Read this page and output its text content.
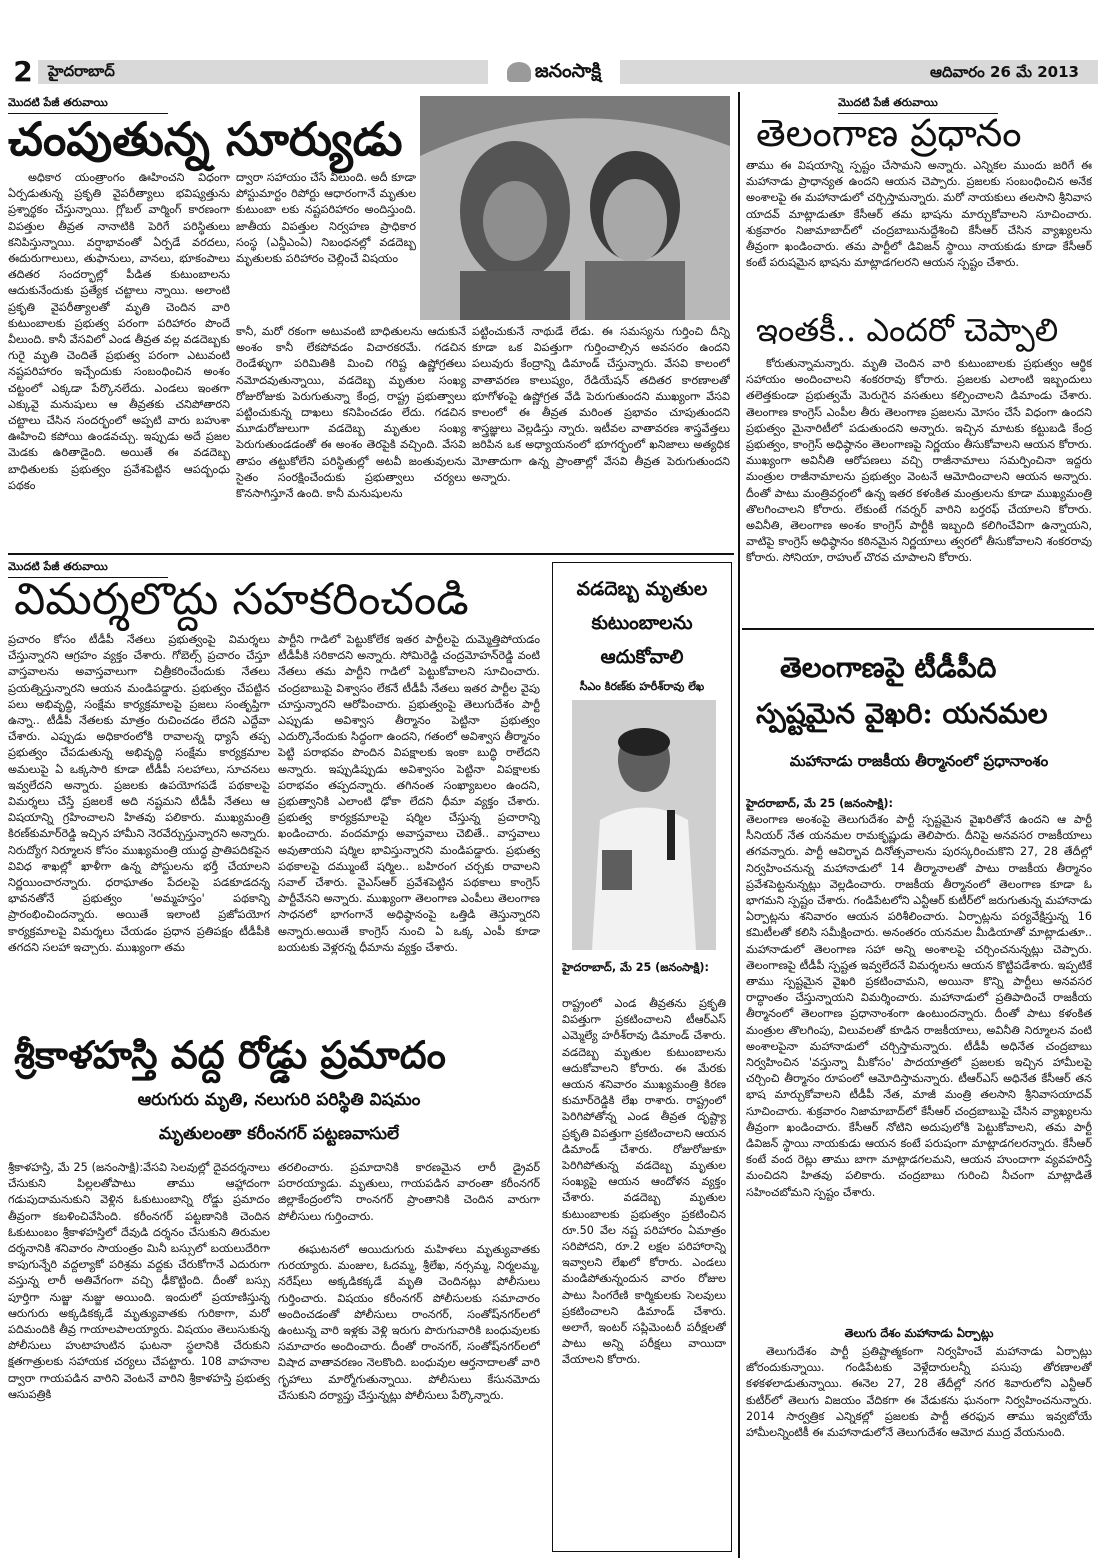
2	హైదరాబాద్	జనంసాక్షి	ఆదివారం 26 మే 2013
మొదటి పేజీ తరువాయి
చంపుతున్న సూర్యుడు
అధికార యంత్రాంగం ఊహించని విధంగా ఏర్పడుతున్న ప్రకృతి వైపరీత్యాలు భవిష్యత్తును ప్రశ్నార్థకం చేస్తున్నాయి. గ్లోబల్ వార్మింగ్ కారణంగా విపత్తుల తీవ్రత నానాటికి పెరిగే పరిస్థితులు కనిపిస్తున్నాయి. వర్షాభావంతో ఏర్పడే వరదలు, ఈదురుగాలులు, తుఫానులు, వానలు, భూకంపాలు తదితర సందర్భాల్లో పీడిత కుటుంబాలను ఆదుకునేందుకు ప్రత్యేక చట్టాలు న్నాయి. అలాంటి ప్రకృతి వైపరీత్యాలతో మృతి చెందిన వారి కుటుంబాలకు ప్రభుత్వ పరంగా పరిహారం పొందే వీలుంది. కానీ వేసవిలో ఎండ తీవ్రత వల్ల వడదెబ్బకు గురై మృతి చెందితే ప్రభుత్వ పరంగా ఎటువంటి నష్టపరిహారం ఇచ్చేందుకు సంబంధించిన అంశం చట్టంలో ఎక్కడా పేర్కొనలేదు. ఎండలు ఇంతగా ఎక్కువై మనుషులు ఆ తీవ్రతకు చనిపోతారని చట్టాలు చేసిన సందర్భంలో అప్పటి వారు బహుశా ఊహించి కపోయి ఉండవచ్చు. ఇప్పుడు అదే ప్రజల మెడకు ఉరితాడైంది. అయితే ఈ వడదెబ్బ బాధితులకు ప్రభుత్వం ప్రవేశపెట్టిన ఆపద్బంధు పథకం
ద్వారా సహాయం చేసే వీలుంది. అదీ కూడా పోస్టుమార్టం రిపోర్టు ఆధారంగానే మృతుల కుటుంబా లకు నష్టపరిహారం అందిస్తుంది. జాతీయ విపత్తుల నిర్వహణ ప్రాధికార సంస్థ (ఎన్డీఎంఏ) నిబంధనల్లో వడదెబ్బ మృతులకు పరిహారం చెల్లించే విషయం
కానీ, మరో రకంగా అటువంటి బాధితులను ఆదుకునే అంశం కానీ లేకపోవడం విచారకరమే. గడచిన రెండేళ్ళుగా పరిమితికి మించి గరిష్ట ఉష్ణోగ్రతలు నమోదవుతున్నాయి, వడదెబ్బ మృతుల సంఖ్య రోజురోజుకు పెరుగుతున్నా కేంద్ర, రాష్ట్ర ప్రభుత్వాలు పట్టించుకున్న దాఖలు కనిపించడం లేదు. గడచిన మూడురోజులుగా వడదెబ్బ మృతుల సంఖ్య పెరుగుతుండడంతో ఈ అంశం తెరపైకి వచ్చింది. వేసవి తాపం తట్టుకోలేని పరిస్థితుల్లో అటవీ జంతువులను సైతం సంరక్షించేందుకు ప్రభుత్వాలు చర్యలు కొనసాగిస్తూనే ఉంది. కానీ మనుషులను
పట్టించుకునే నాథుడే లేడు. ఈ సమస్యను గుర్తించి దీన్ని కూడా ఒక విపత్తుగా గుర్తించాల్సిన అవసరం ఉందని పలువురు కేంద్రాన్ని డిమాండ్ చేస్తున్నారు. వేసవి కాలంలో వాతావరణ కాలుష్యం, రేడియేషన్ తదితర కారణాలతో భూగోళంపై ఉష్ణోగ్రత వేడి పెరుగుతుందని ముఖ్యంగా వేసవి కాలంలో ఈ తీవ్రత మరింత ప్రభావం చూపుతుందని శాస్త్రజ్ఞులు వెల్లడిస్తు న్నారు. ఇటీవల వాతావరణ శాస్త్రవేత్తలు జరిపిన ఒక అధ్యాయనంలో భూగర్భంలో ఖనిజాలు అత్యధిక మోతాదుగా ఉన్న ప్రాంతాల్లో వేసవి తీవ్రత పెరుగుతుందని అన్నారు.
మొదటి పేజీ తరువాయి
తెలంగాణ ప్రధానం
తాము ఈ విషయాన్ని స్పష్టం చేసామని అన్నారు. ఎన్నికల ముందు జరిగే ఈ మహానాడు ప్రాధాన్యత ఉందని ఆయన చెప్పారు. ప్రజలకు సంబంధించిన అనేక అంశాలపై ఈ మహానాడులో చర్చిస్తామన్నారు. మరో నాయకులు తలసాని శ్రీనివాస యాదవ్ మాట్లాడుతూ కేసీఆర్ తమ భాషను మార్చుకోవాలని సూచించారు. శుక్రవారం నిజామాబాద్‌లో చంద్రబాబునుద్దేశించి కేసీఆర్ చేసిన వ్యాఖ్యలను తీవ్రంగా ఖండించారు. తమ పార్టీలో డివిజన్ స్థాయి నాయకుడు కూడా కేసీఆర్ కంటే పరుషమైన భాషను మాట్లాడగలరని ఆయన స్పష్టం చేశారు.
ఇంతకీ.. ఎందరో చెప్పాలి
కోరుతున్నామన్నారు. మృతి చెందిన వారి కుటుంబాలకు ప్రభుత్వం ఆర్థిక సహాయం అందించాలని శంకరరావు కోరారు. ప్రజలకు ఎలాంటి ఇబ్బందులు తలెత్తకుండా ప్రభుత్వమే మెరుగైన వసతులు కల్పించాలని డిమాండు చేశారు. తెలంగాణ కాంగ్రెస్ ఎంపీల తీరు తెలంగాణ ప్రజలను మోసం చేసే విధంగా ఉందని ప్రభుత్వం మైనారిటీలో పడుతుందని అన్నారు. ఇచ్చిన మాటకు కట్టుబడి కేంద్ర ప్రభుత్వం, కాంగ్రెస్ అధిష్ఠానం తెలంగాణపై నిర్ణయం తీసుకోవాలని ఆయన కోరారు. ముఖ్యంగా అవినీతి ఆరోపణలు వచ్చి రాజీనామాలు సమర్పించినా ఇద్దరు మంత్రుల రాజీనామాలను ప్రభుత్వం వెంటనే ఆమోదించాలని ఆయన అన్నారు. దీంతో పాటు మంత్రివర్గంలో ఉన్న ఇతర కళంకిత మంత్రులను కూడా ముఖ్యమంత్రి తొలగించాలని కోరారు. లేకుంటే గవర్నర్ వారిని బర్తరఫ్ చేయాలని కోరారు. అవినీతి, తెలంగాణ అంశం కాంగ్రెస్ పార్టీకి ఇబ్బంది కలిగించేవిగా ఉన్నాయని, వాటిపై కాంగ్రెస్ అధిష్ఠానం కఠినమైన నిర్ణయాలు త్వరలో తీసుకోవాలని శంకరరావు కోరారు. సోనియా, రాహుల్ చొరవ చూపాలని కోరారు.
మొదటి పేజీ తరువాయి
విమర్శలొద్దు సహకరించండి
ప్రచారం కోసం టీడీపీ నేతలు ప్రభుత్వంపై విమర్శలు చేస్తున్నారని ఆగ్రహం వ్యక్తం చేశారు. గోబెల్స్ ప్రచారం చేస్తూ వాస్తవాలను అవాస్తవాలుగా చిత్రీకరించేందుకు నేతలు ప్రయత్నిస్తున్నారని ఆయన మండిపడ్డారు. ప్రభుత్వం చేపట్టిన పలు అభివృద్ధి, సంక్షేమ కార్యక్రమాలపై ప్రజలు సంతృప్తిగా ఉన్నా.. టీడీపీ నేతలకు మాత్రం రుచించడం లేదని ఎద్దేవా చేశారు. ఎప్పుడు అధికారంలోకి రావాలన్న ధ్యాసే తప్ప ప్రభుత్వం చేపడుతున్న అభివృద్ధి సంక్షేమ కార్యక్రమాల అమలుపై ఏ ఒక్కసారి కూడా టీడీపీ సలహాలు, సూచనలు ఇవ్వలేదని అన్నారు. ప్రజలకు ఉపయోగపడే పథకాలపై విమర్శలు చేస్తే ప్రజలకే అది నష్టమని టీడీపీ నేతలు ఆ విషయాన్ని గ్రహించాలని హితవు పలికారు. ముఖ్యమంత్రి కిరణ్‌కుమార్‌రెడ్డి ఇచ్చిన హామీని నెరవేర్చుస్తున్నారని అన్నారు. నిరుద్యోగ నిర్మూలన కోసం ముఖ్యమంత్రి యుద్ధ ప్రాతిపదికపైన వివిధ శాఖల్లో ఖాళీగా ఉన్న పోస్టులను భర్తీ చేయాలని నిర్ణయించారన్నారు. ధరాఘాతం పేదలపై పడకూడదన్న భావనతోనే ప్రభుత్వం 'అమ్మహస్తం' పథకాన్ని ప్రారంభించిందన్నారు. అయితే ఇలాంటి ప్రజోపయోగ కార్యక్రమాలపై విమర్శలు చేయడం ప్రధాన ప్రతిపక్షం టీడీపీకి తగదని సలహా ఇచ్చారు. ముఖ్యంగా తమ
పార్టీని గాడిలో పెట్టుకోలేక ఇతర పార్టీలపై దుమ్మెత్తిపోయడం టీడీపీకి సరికాదని అన్నారు. సోమిరెడ్డి చంద్రమోహన్‌రెడ్డి వంటి నేతలు తమ పార్టీని గాడిలో పెట్టుకోవాలని సూచించారు. చంద్రబాబుపై విశ్వాసం లేకనే టీడీపీ నేతలు ఇతర పార్టీల వైపు చూస్తున్నారని ఆరోపించారు. ప్రభుత్వంపై తెలుగుదేశం పార్టీ ఎప్పుడు అవిశ్వాస తీర్మానం పెట్టినా ప్రభుత్వం ఎదుర్కొనేందుకు సిద్ధంగా ఉందని, గతంలో అవిశ్వాస తీర్మానం పెట్టి పరాభవం పొందిన విపక్షాలకు ఇంకా బుద్ధి రాలేదని అన్నారు. ఇప్పుడిప్పుడు అవిశ్వాసం పెట్టినా విపక్షాలకు పరాభవం తప్పదన్నారు. తగినంత సంఖ్యాబలం ఉందని, ప్రభుత్వానికి ఎలాంటి ఢోకా లేదని ధీమా వ్యక్తం చేశారు. ప్రభుత్వ కార్యక్రమాలపై షర్మిల చేస్తున్న ప్రచారాన్ని ఖండించారు. వందమార్లు అవాస్తవాలు చెబితే.. వాస్తవాలు అవుతాయని షర్మిల భావిస్తున్నారని మండిపడ్డారు. ప్రభుత్వ పథకాలపై దమ్ముంటే షర్మిల.. బహిరంగ చర్చకు రావాలని సవాల్ చేశారు. వైఎస్ఆర్ ప్రవేశపెట్టిన పథకాలు కాంగ్రెస్ పార్టీవేనని అన్నారు. ముఖ్యంగా తెలంగాణ ఎంపీలు తెలంగాణ సాధనలో భాగంగానే అధిష్ఠానంపై ఒత్తిడి తెస్తున్నారని అన్నారు.అయితే కాంగ్రెస్ నుంచి ఏ ఒక్క ఎంపీ కూడా బయటకు వెళ్లరన్న ధీమాను వ్యక్తం చేశారు.
శ్రీకాళహస్తి వద్ద రోడ్డు ప్రమాదం
ఆరుగురు మృతి, నలుగురి పరిస్థితి విషమం
మృతులంతా కరీంనగర్ పట్టణవాసులే
శ్రీకాళహస్తి, మే 25 (జనంసాక్షి):వేసవి సెలవుల్లో దైవదర్శనాలు చేసుకుని పిల్లలతోపాటు తాము ఆహ్లాదంగా గడుపుదామనుకుని వెళ్లిన ఓకుటుంబాన్ని రోడ్డు ప్రమాదం తీవ్రంగా కబళించివేసింది. కరీంనగర్ పట్టణానికి చెందిన ఓకుటుంబం శ్రీకాళహస్తిలో దేవుడి దర్శనం చేసుకుని తిరుమల దర్శనానికి శనివారం సాయంత్రం మినీ బస్సులో బయలుదేరిగా కాపుగున్నేరి వద్దల్యాకో పరిశ్రమ వద్దకు చేరుకోగానే ఎదురుగా వస్తున్న లారీ అతివేగంగా వచ్చి ఢీకొట్టింది. దీంతో బస్సు పూర్తిగా నుజ్జు నుజ్జు అయింది. ఇందులో ప్రయాణిస్తున్న ఆరుగురు అక్కడికక్కడే మృత్యువాతకు గురికాగా, మరో పదిమందికి తీవ్ర గాయాలపాలయ్యారు. విషయం తెలుసుకున్న పోలీసులు హుటాహుటిన ఘటనా స్థలానికి చేరుకుని క్షతగాత్రులకు సహాయక చర్యలు చేపట్టారు. 108 వాహనాల ద్వారా గాయపడిన వారిని వెంటనే వారిని శ్రీకాళహస్తి ప్రభుత్వ ఆసుపత్రికి
తరలించారు. ప్రమాదానికి కారణమైన లారీ డ్రైవర్ పరారయ్యాడు. మృతులు, గాయపడిన వారంతా కరీంనగర్ జిల్లాకేంద్రంలోని రాంనగర్ ప్రాంతానికి చెందిన వారుగా పోలీసులు గుర్తించారు.
ఈఘటనలో అయిదుగురు మహిళలు మృత్యువాతకు గురయ్యారు. మంజుల, ఓదమ్మ, శ్రీలేఖ, నర్సమ్మ, నిర్మలమ్మ, నరేష్‌లు అక్కడికక్కడే మృతి చెందినట్లు పోలీసులు గుర్తించారు. విషయం కరీంనగర్ పోలీసులకు సమాచారం అందించడంతో పోలీసులు రాంనగర్, సంతోష్‌నగర్‌లలో ఉంటున్న వారి ఇళ్లకు వెళ్లి ఇరుగు పొరుగువారికి బంధువులకు సమాచారం అందించారు. దీంతో రాంనగర్, సంతోష్‌నగర్‌లలో విషాద వాతావరణం నెలకొంది. బంధువుల ఆర్తనాదాలతో వారి గృహాలు మార్మోగుతున్నాయి. పోలీసులు కేసునమోదు చేసుకుని దర్యాప్తు చేస్తున్నట్లు పోలీసులు పేర్కొన్నారు.
వడదెబ్బ మృతుల
కుటుంబాలను
ఆదుకోవాలి
సీఎం కిరణ్‌కు హరీశ్‌రావు లేఖ
హైదరాబాద్, మే 25 (జనంసాక్షి):
రాష్ట్రంలో ఎండ తీవ్రతను ప్రకృతి విపత్తుగా ప్రకటించాలని టీఆర్ఎస్ ఎమ్మెల్యే హరీశ్‌రావు డిమాండ్ చేశారు. వడదెబ్బ మృతుల కుటుంబాలను ఆదుకోవాలని కోరారు. ఈ మేరకు ఆయన శనివారం ముఖ్యమంత్రి కిరణ కుమార్‌రెడ్డికి లేఖ రాశారు. రాష్ట్రంలో పెరిగిపోతోన్న ఎండ తీవ్రత దృష్ట్యా ప్రకృతి విపత్తుగా ప్రకటించాలని ఆయన డిమాండ్ చేశారు. రోజురోజుకూ పెరిగిపోతున్న వడదెబ్బ మృతుల సంఖ్యపై ఆయన ఆందోళన వ్యక్తం చేశారు. వడదెబ్బ మృతుల కుటుంబాలకు ప్రభుత్వం ప్రకటించిన రూ.50 వేల నష్ట పరిహారం ఏమాత్రం సరిపోదని, రూ.2 లక్షల పరిహారాన్ని ఇవ్వాలని లేఖలో కోరారు. ఎండలు మండిపోతున్నందున వారం రోజుల పాటు సింగరేణి కార్మికులకు సెలవులు ప్రకటించాలని డిమాండ్ చేశారు. అలాగే, ఇంటర్ సప్లిమెంటరీ పరీక్షలతో పాటు అన్ని పరీక్షలు వాయిదా వేయాలని కోరారు.
తెలంగాణపై టీడీపీది
స్పష్టమైన వైఖరి: యనమల
మహానాడు రాజకీయ తీర్మానంలో ప్రధానాంశం
హైదరాబాద్, మే 25 (జనంసాక్షి):
తెలంగాణ అంశంపై తెలుగుదేశం పార్టీ స్పష్టమైన వైఖరితోనే ఉందని ఆ పార్టీ సీనియర్ నేత యనమల రామకృష్ణుడు తెలిపారు. దీనిపై అనవసర రాజకీయాలు తగవన్నారు. పార్టీ ఆవిర్భావ దినోత్సవాలను పురస్కరించుకొని 27, 28 తేదీల్లో నిర్వహించనున్న మహానాడులో 14 తీర్మానాలతో పాటు రాజకీయ తీర్మానం ప్రవేశపెట్టనున్నట్లు వెల్లడించారు. రాజకీయ తీర్మానంలో తెలంగాణ కూడా ఓ భాగమని స్పష్టం చేశారు. గండిపేటలోని ఎన్టీఆర్ కుటీర్‌లో జరుగుతున్న మహానాడు ఏర్పాట్లను శనివారం ఆయన పరిశీలించారు. ఏర్పాట్లను పర్యవేక్షిస్తున్న 16 కమిటీలతో కలిసి సమీక్షించారు. అనంతరం యనమల మీడియాతో మాట్లాడుతూ.. మహానాడులో తెలంగాణ సహా అన్ని అంశాలపై చర్చించనున్నట్లు చెప్పారు. తెలంగాణపై టీడీపీ స్పష్టత ఇవ్వలేదనే విమర్శలను ఆయన కొట్టిపడేశారు. ఇప్పటికే తాము స్పష్టమైన వైఖరి ప్రకటించామని, అయినా కొన్ని పార్టీలు అనవసర రాద్ధాంతం చేస్తున్నాయని విమర్శించారు. మహానాడులో ప్రతిపాదించే రాజకీయ తీర్మానంలో తెలంగాణ ప్రధానాంశంగా ఉంటుందన్నారు. దీంతో పాటు కళంకిత మంత్రుల తొలగింపు, విలువలతో కూడిన రాజకీయాలు, అవినీతి నిర్మూలన వంటి అంశాలపైనా మహానాడులో చర్చిస్తామన్నారు. టీడీపీ అధినేత చంద్రబాబు నిర్వహించిన 'వస్తున్నా మీకోసం' పాదయాత్రలో ప్రజలకు ఇచ్చిన హామీలపై చర్చించి తీర్మానం రూపంలో ఆమోదిస్తామన్నారు. టీఆర్ఎస్ అధినేత కేసీఆర్ తన భాష మార్చుకోవాలని టీడీపీ నేత, మాజీ మంత్రి తలసాని శ్రీనివాసయాదవ్ సూచించారు. శుక్రవారం నిజామాబాద్‌లో కేసీఆర్ చంద్రబాబుపై చేసిన వ్యాఖ్యలను తీవ్రంగా ఖండించారు. కేసీఆర్ నోటిని అదుపులోకి పెట్టుకోవాలని, తమ పార్టీ డివిజన్ స్థాయి నాయకుడు ఆయన కంటే పరుషంగా మాట్లాడగలరన్నారు. కేసీఆర్ కంటే వంద రెట్లు తాము బాగా మాట్లాడగలమని, ఆయన హుందాగా వ్యవహరిస్తే మంచిదని హితవు పలికారు. చంద్రబాబు గురించి నీచంగా మాట్లాడితే సహించబోమని స్పష్టం చేశారు.
తెలుగు దేశం మహానాడు ఏర్పాట్లు
తెలుగుదేశం పార్టీ ప్రతిష్టాత్మకంగా నిర్వహించే మహానాడు ఏర్పాట్లు జోరందుకున్నాయి. గండిపేటకు వెళ్లేదారులన్నీ పసుపు తోరణాలతో కళకళలాడుతున్నాయి. ఈనెల 27, 28 తేదీల్లో నగర శివారులోని ఎన్టీఆర్ కుటీర్‌లో తెలుగు విజయం వేదికగా ఈ వేడుకను ఘనంగా నిర్వహించనున్నారు. 2014 సార్వత్రిక ఎన్నికల్లో ప్రజలకు పార్టీ తరఫున తాము ఇవ్వబోయే హామీలన్నింటికీ ఈ మహానాడులోనే తెలుగుదేశం ఆమోద ముద్ర వేయనుంది.
